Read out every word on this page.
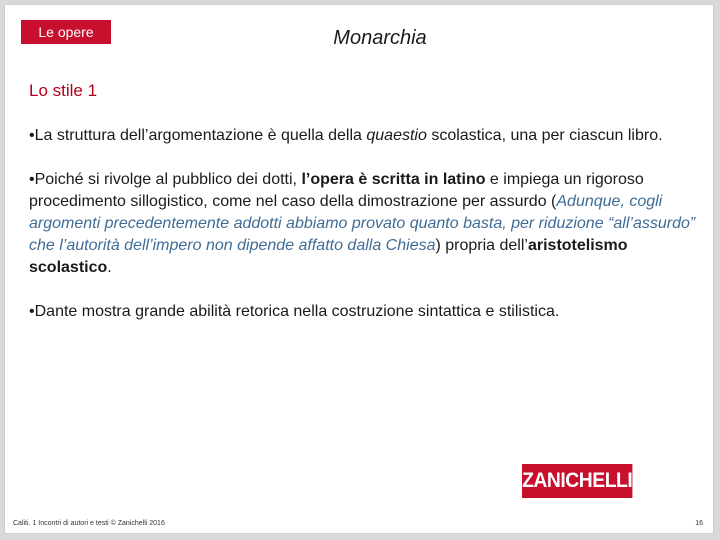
Le opere	Monarchia
Lo stile 1

•La struttura dell’argomentazione è quella della quaestio scolastica, una per ciascun libro.

•Poiché si rivolge al pubblico dei dotti, l’opera è scritta in latino e impiega un rigoroso procedimento sillogistico, come nel caso della dimostrazione per assurdo (Adunque, cogli argomenti precedentemente addotti abbiamo provato quanto basta, per riduzione “all’assurdo” che l’autorità dell’impero non dipende affatto dalla Chiesa) propria dell’aristotelismo scolastico.

•Dante mostra grande abilità retorica nella costruzione sintattica e stilistica.

ZANICHELLI
Caliti. 1 Incontri di autori e testi © Zanichelli 2016	16
